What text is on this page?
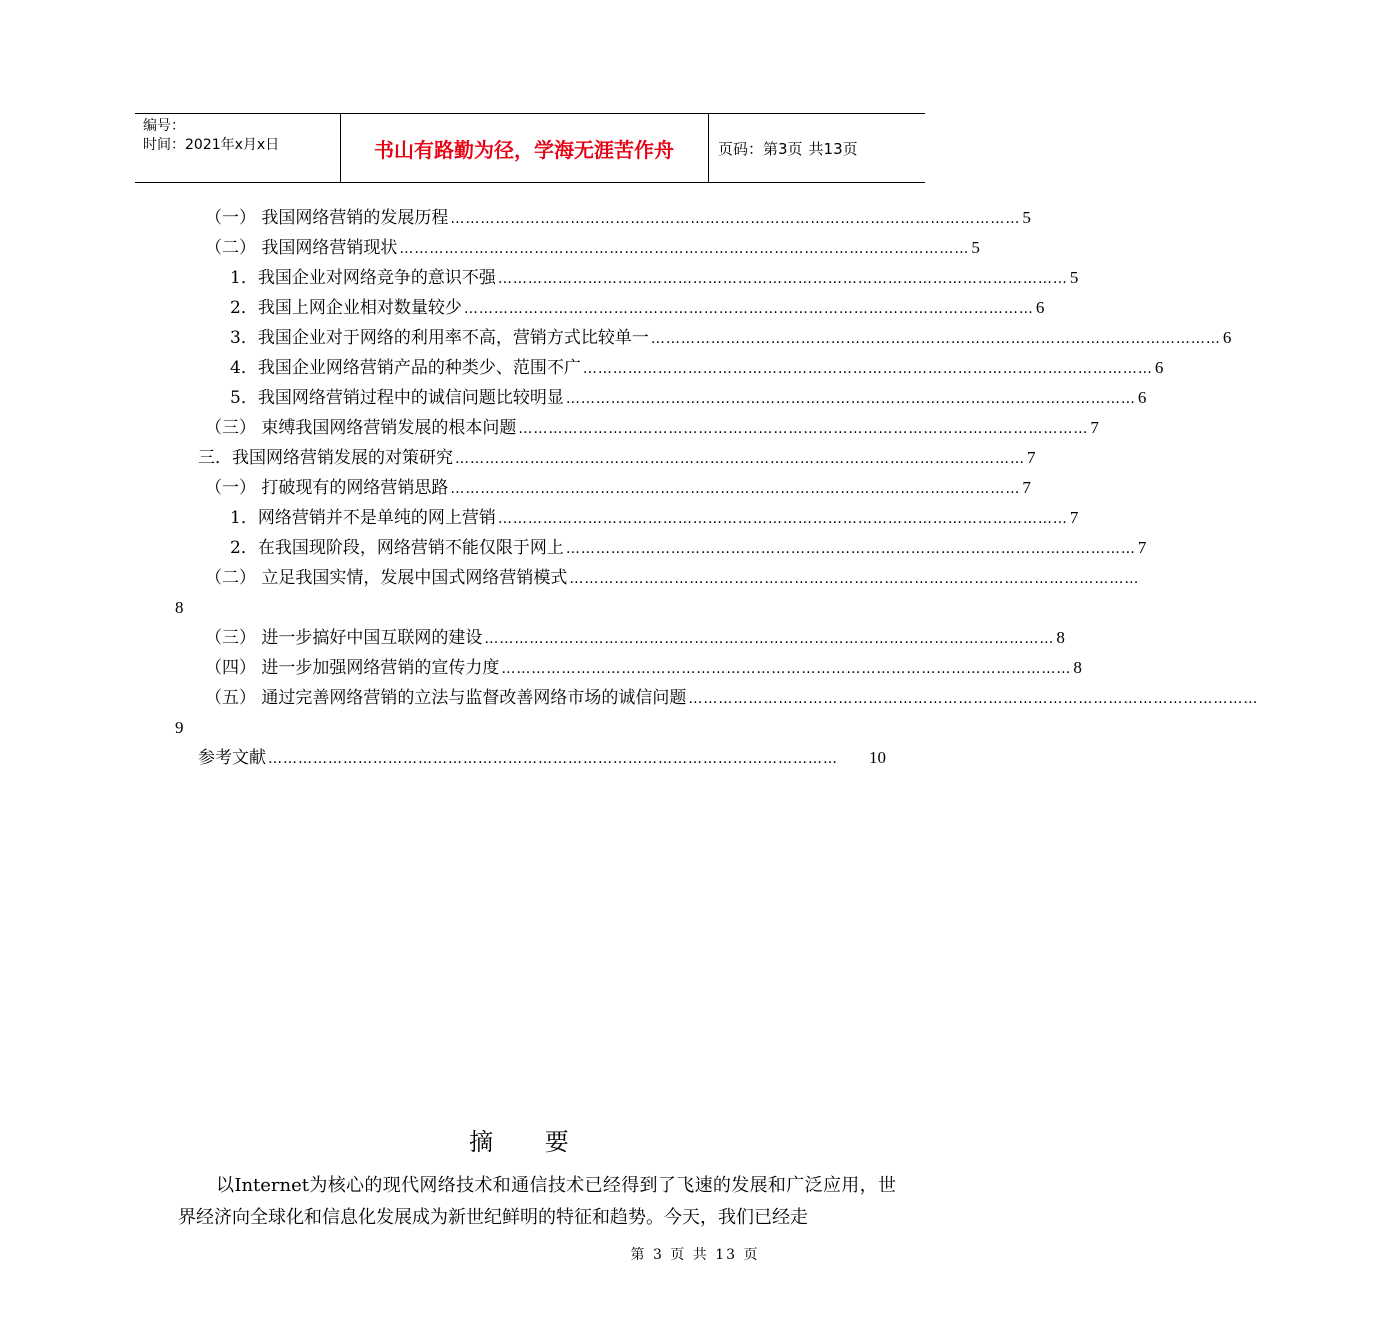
编号：
时间：2021年x月x日	书山有路勤为径，学海无涯苦作舟	页码：第3页 共13页
（一） 我国网络营销的发展历程 …………………………………………………………………………………………………… 5
（二） 我国网络营销现状 …………………………………………………………………………………………………… 5
1．我国企业对网络竞争的意识不强 …………………………………………………………………………………………………… 5
2．我国上网企业相对数量较少 …………………………………………………………………………………………………… 6
3．我国企业对于网络的利用率不高，营销方式比较单一 …………………………………………………………………………………………………… 6
4．我国企业网络营销产品的种类少、范围不广 …………………………………………………………………………………………………… 6
5．我国网络营销过程中的诚信问题比较明显 …………………………………………………………………………………………………… 6
（三） 束缚我国网络营销发展的根本问题 …………………………………………………………………………………………………… 7
三．我国网络营销发展的对策研究 …………………………………………………………………………………………………… 7
（一） 打破现有的网络营销思路 …………………………………………………………………………………………………… 7
1．网络营销并不是单纯的网上营销 …………………………………………………………………………………………………… 7
2．在我国现阶段，网络营销不能仅限于网上 …………………………………………………………………………………………………… 7
（二） 立足我国实情，发展中国式网络营销模式 ……………………………………………………………………………………………………
8
（三） 进一步搞好中国互联网的建设 …………………………………………………………………………………………………… 8
（四） 进一步加强网络营销的宣传力度 …………………………………………………………………………………………………… 8
（五） 通过完善网络营销的立法与监督改善网络市场的诚信问题 ……………………………………………………………………………………………………
9
参考文献 ……………………………………………………………………………………………………	10
摘 要
以Internet为核心的现代网络技术和通信技术已经得到了飞速的发展和广泛应用，世界经济向全球化和信息化发展成为新世纪鲜明的特征和趋势。今天，我们已经走
第 3 页 共 13 页
